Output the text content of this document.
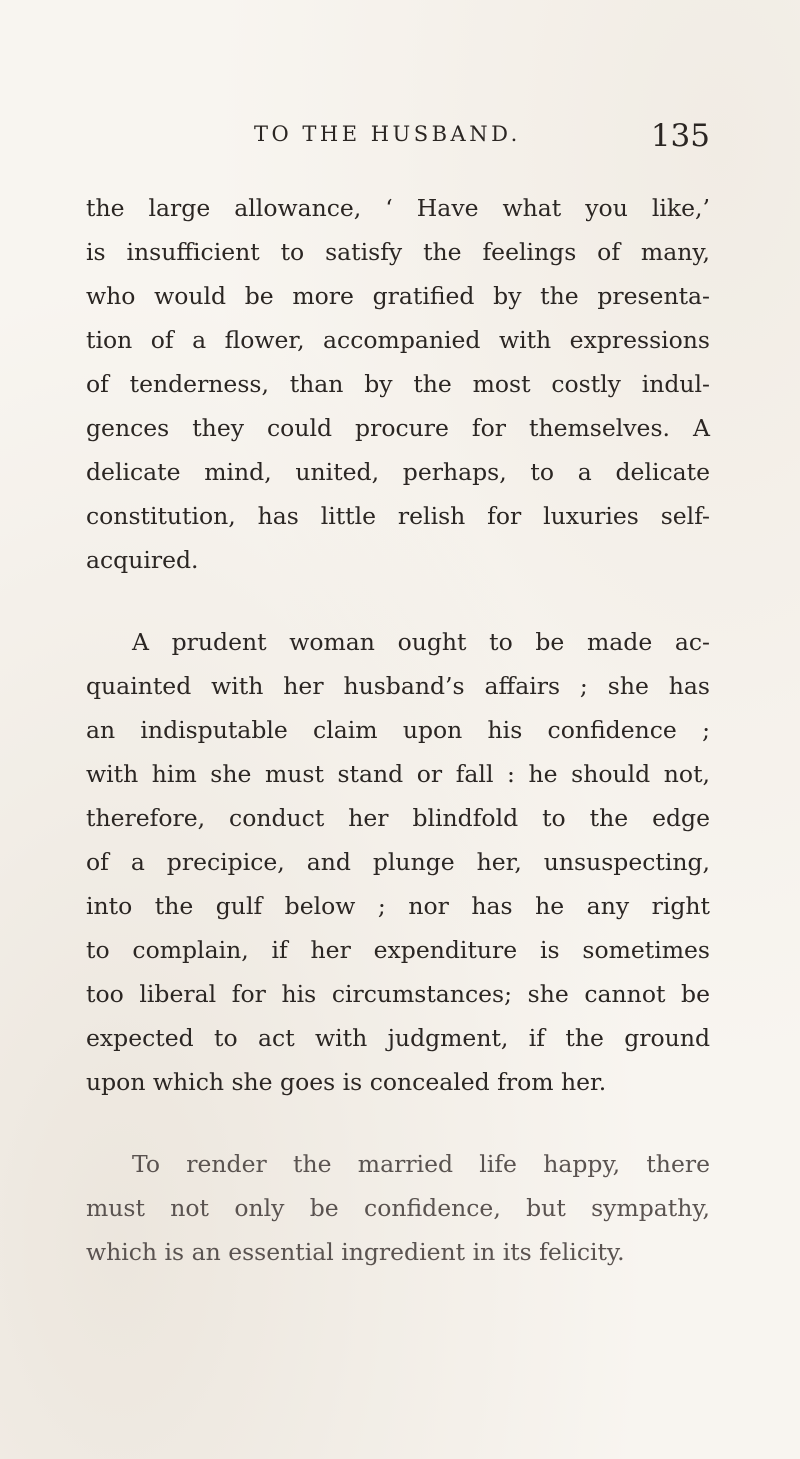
TO THE HUSBAND.	135
the large allowance, ‘ Have what you like,’
is insufficient to satisfy the feelings of many,
who would be more gratified by the presenta-
tion of a flower, accompanied with expressions
of tenderness, than by the most costly indul-
gences they could procure for themselves. A
delicate mind, united, perhaps, to a delicate
constitution, has little relish for luxuries self-
acquired.
A prudent woman ought to be made ac-
quainted with her husband’s affairs ; she has
an indisputable claim upon his confidence ;
with him she must stand or fall : he should not,
therefore, conduct her blindfold to the edge
of a precipice, and plunge her, unsuspecting,
into the gulf below ; nor has he any right
to complain, if her expenditure is sometimes
too liberal for his circumstances; she cannot be
expected to act with judgment, if the ground
upon which she goes is concealed from her.
To render the married life happy, there
must not only be confidence, but sympathy,
which is an essential ingredient in its felicity.
